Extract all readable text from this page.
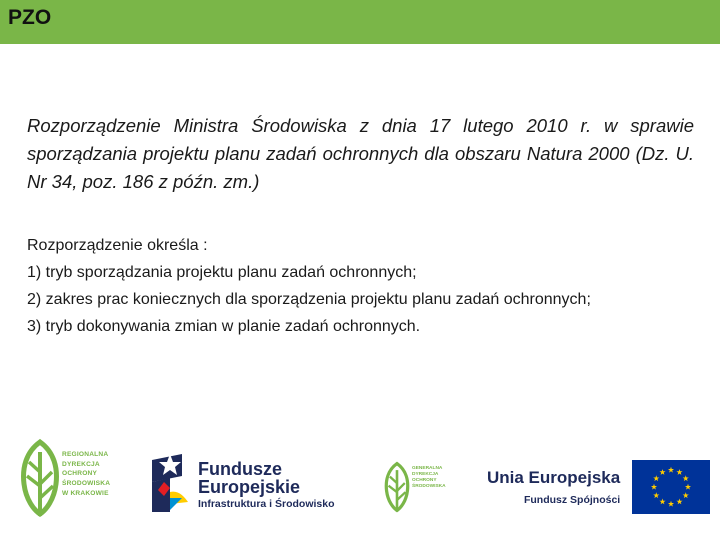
PZO
Rozporządzenie Ministra Środowiska z dnia 17 lutego 2010 r. w sprawie sporządzania projektu planu zadań ochronnych dla obszaru Natura 2000 (Dz. U. Nr 34, poz. 186 z późn. zm.)
Rozporządzenie określa :
1) tryb sporządzania projektu planu zadań ochronnych;
2) zakres prac koniecznych dla sporządzenia projektu planu zadań ochronnych;
3) tryb dokonywania zmian w planie zadań ochronnych.
REGIONALNA
DYREKCJA
OCHRONY
ŚRODOWISKA
W KRAKOWIE
Fundusze
Europejskie
Infrastruktura i Środowisko
GENERALNA
DYREKCJA
OCHRONY
ŚRODOWISKA Unia Europejska
Fundusz Spójności
